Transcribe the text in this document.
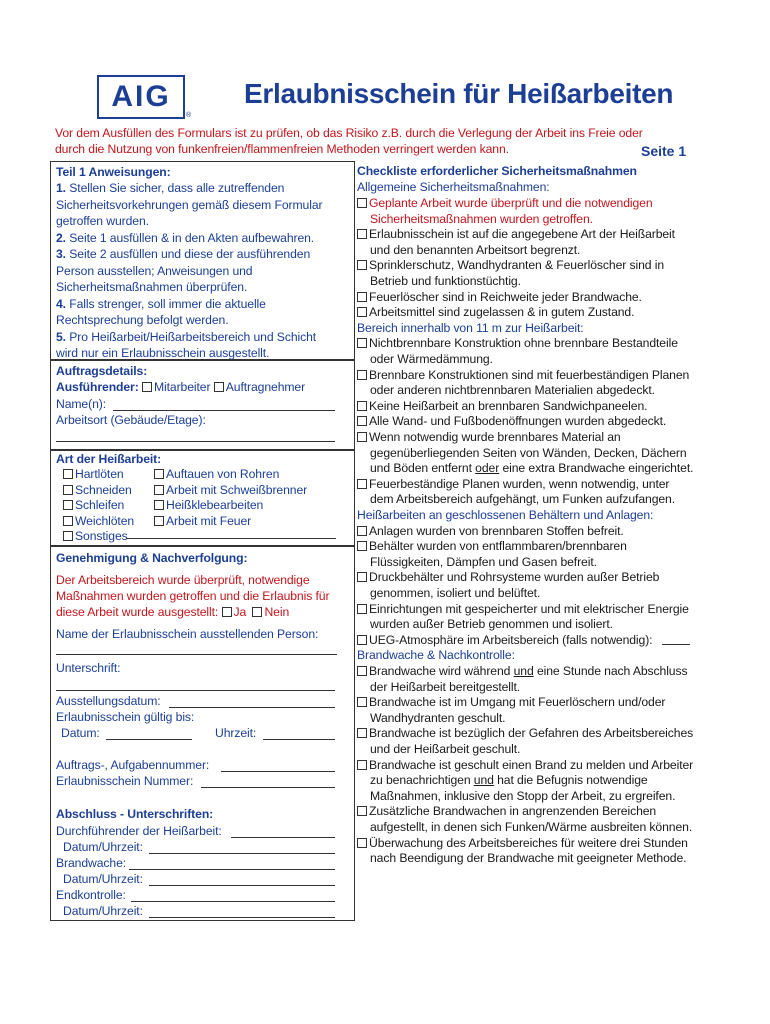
AIG
®
Erlaubnisschein für Heißarbeiten
Vor dem Ausfüllen des Formulars ist zu prüfen, ob das Risiko z.B. durch die Verlegung der Arbeit ins Freie oder
durch die Nutzung von funkenfreien/flammenfreien Methoden verringert werden kann.	Seite 1
Teil 1 Anweisungen:
1. Stellen Sie sicher, dass alle zutreffenden
Sicherheitsvorkehrungen gemäß diesem Formular
getroffen wurden.
2. Seite 1 ausfüllen & in den Akten aufbewahren.
3. Seite 2 ausfüllen und diese der ausführenden
Person ausstellen; Anweisungen und
Sicherheitsmaßnahmen überprüfen.
4. Falls strenger, soll immer die aktuelle
Rechtsprechung befolgt werden.
5. Pro Heißarbeit/Heißarbeitsbereich und Schicht
wird nur ein Erlaubnisschein ausgestellt.
Auftragsdetails:
Ausführender: Mitarbeiter Auftragnehmer
Name(n):
Arbeitsort (Gebäude/Etage):
Art der Heißarbeit:
Hartlöten
Schneiden
Schleifen
Weichlöten
Sonstiges
Auftauen von Rohren
Arbeit mit Schweißbrenner
Heißklebearbeiten
Arbeit mit Feuer
Genehmigung & Nachverfolgung:
Der Arbeitsbereich wurde überprüft, notwendige
Maßnahmen wurden getroffen und die Erlaubnis für
diese Arbeit wurde ausgestellt: Ja Nein
Name der Erlaubnisschein ausstellenden Person:
Unterschrift:
Ausstellungsdatum:
Erlaubnisschein gültig bis:
Datum:	Uhrzeit:
Auftrags-, Aufgabennummer:
Erlaubnisschein Nummer:
Abschluss - Unterschriften:
Durchführender der Heißarbeit:
Datum/Uhrzeit:
Brandwache:
Datum/Uhrzeit:
Endkontrolle:
Datum/Uhrzeit:
Checkliste erforderlicher Sicherheitsmaßnahmen
Allgemeine Sicherheitsmaßnahmen:
Geplante Arbeit wurde überprüft und die notwendigen
Sicherheitsmaßnahmen wurden getroffen.
Erlaubnisschein ist auf die angegebene Art der Heißarbeit
und den benannten Arbeitsort begrenzt.
Sprinklerschutz, Wandhydranten & Feuerlöscher sind in
Betrieb und funktionstüchtig.
Feuerlöscher sind in Reichweite jeder Brandwache.
Arbeitsmittel sind zugelassen & in gutem Zustand.
Bereich innerhalb von 11 m zur Heißarbeit:
Nichtbrennbare Konstruktion ohne brennbare Bestandteile
oder Wärmedämmung.
Brennbare Konstruktionen sind mit feuerbeständigen Planen
oder anderen nichtbrennbaren Materialien abgedeckt.
Keine Heißarbeit an brennbaren Sandwichpaneelen.
Alle Wand- und Fußbodenöffnungen wurden abgedeckt.
Wenn notwendig wurde brennbares Material an
gegenüberliegenden Seiten von Wänden, Decken, Dächern
und Böden entfernt oder eine extra Brandwache eingerichtet.
Feuerbeständige Planen wurden, wenn notwendig, unter
dem Arbeitsbereich aufgehängt, um Funken aufzufangen.
Heißarbeiten an geschlossenen Behältern und Anlagen:
Anlagen wurden von brennbaren Stoffen befreit.
Behälter wurden von entflammbaren/brennbaren
Flüssigkeiten, Dämpfen und Gasen befreit.
Druckbehälter und Rohrsysteme wurden außer Betrieb
genommen, isoliert und belüftet.
Einrichtungen mit gespeicherter und mit elektrischer Energie
wurden außer Betrieb genommen und isoliert.
UEG-Atmosphäre im Arbeitsbereich (falls notwendig):
Brandwache & Nachkontrolle:
Brandwache wird während und eine Stunde nach Abschluss
der Heißarbeit bereitgestellt.
Brandwache ist im Umgang mit Feuerlöschern und/oder
Wandhydranten geschult.
Brandwache ist bezüglich der Gefahren des Arbeitsbereiches
und der Heißarbeit geschult.
Brandwache ist geschult einen Brand zu melden und Arbeiter
zu benachrichtigen und hat die Befugnis notwendige
Maßnahmen, inklusive den Stopp der Arbeit, zu ergreifen.
Zusätzliche Brandwachen in angrenzenden Bereichen
aufgestellt, in denen sich Funken/Wärme ausbreiten können.
Überwachung des Arbeitsbereiches für weitere drei Stunden
nach Beendigung der Brandwache mit geeigneter Methode.
